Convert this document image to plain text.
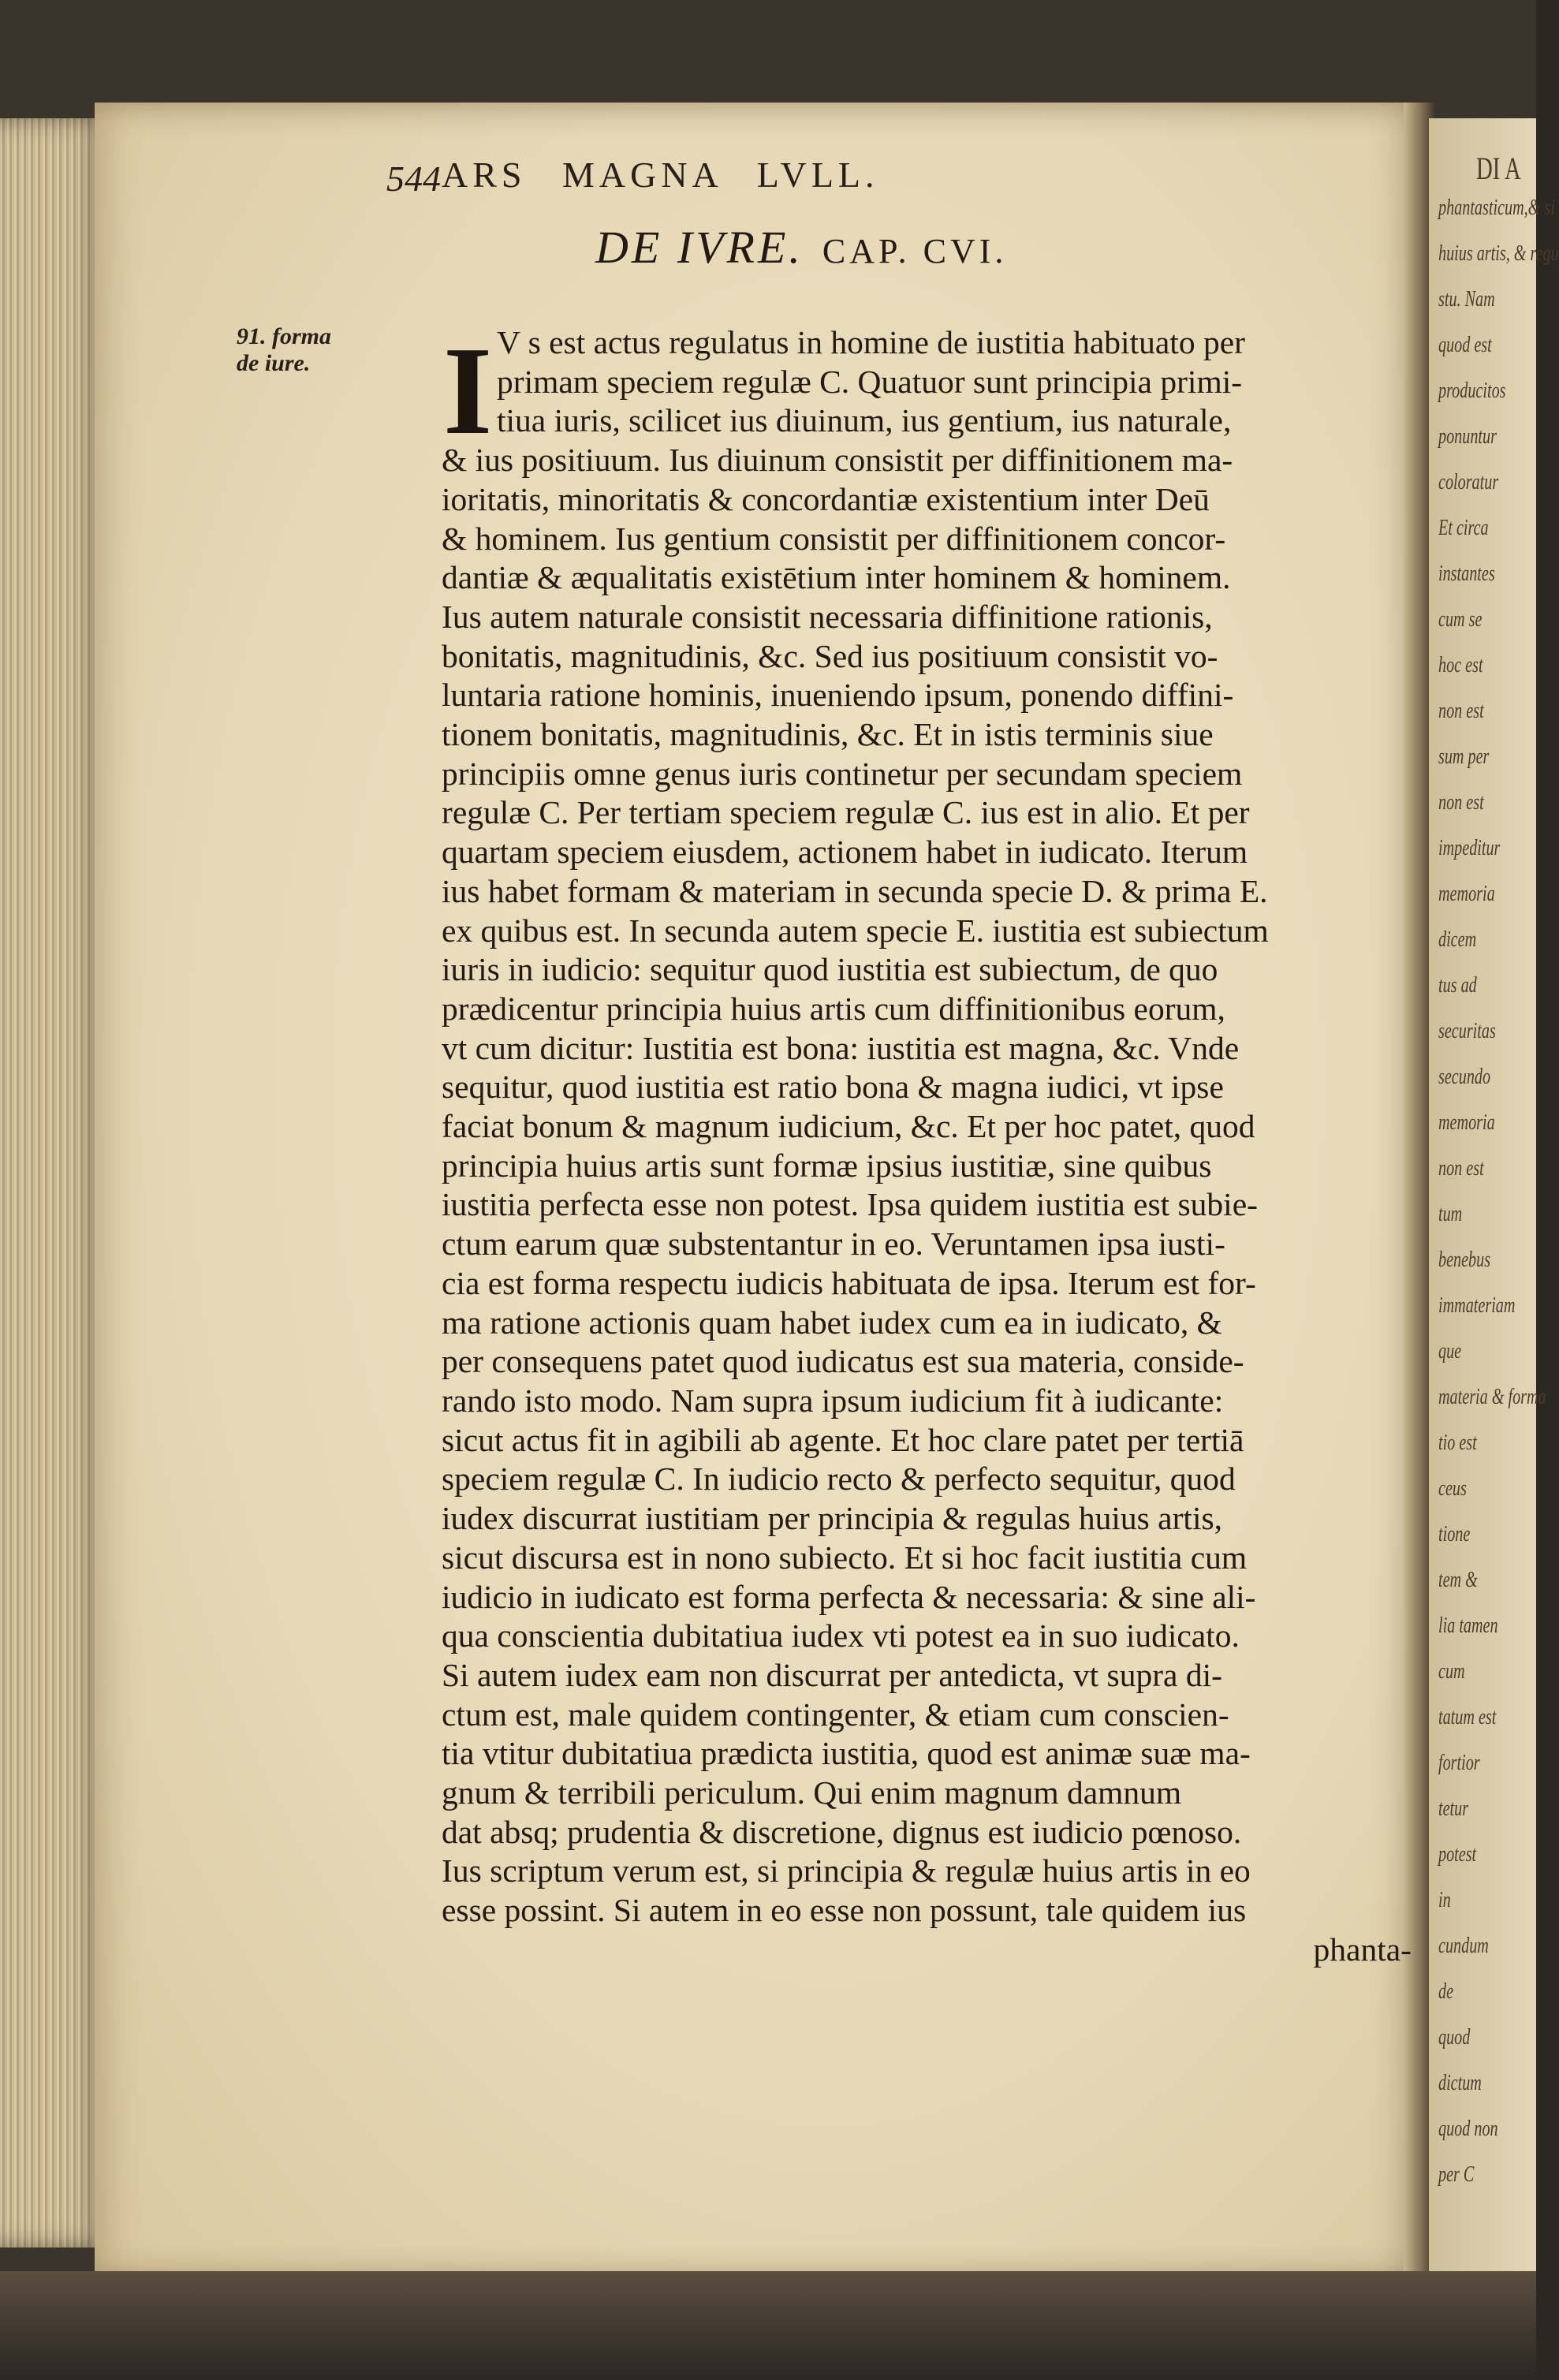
DI A
phantasticum,& si
huius artis, & regu
stu. Nam
quod est
producitos
ponuntur
coloratur
Et circa
instantes
cum se
hoc est
non est
sum per
non est
impeditur
memoria
dicem
tus ad
securitas
secundo
memoria
non est
tum
benebus
immateriam
que
materia & forma
tio est
ceus
tione
tem &
lia tamen
cum
tatum est
fortior
tetur
potest
in
cundum
de
quod
dictum
quod non
per C
544 ARS MAGNA LVLL.
DE IVRE. CAP. CVI.
91. forma de iure.	I V s est actus regulatus in homine de iustitia habituato per
primam speciem regulæ C. Quatuor sunt principia primi-
tiua iuris, scilicet ius diuinum, ius gentium, ius naturale,
& ius positiuum. Ius diuinum consistit per diffinitionem ma-
ioritatis, minoritatis & concordantiæ existentium inter Deū
& hominem. Ius gentium consistit per diffinitionem concor-
dantiæ & æqualitatis existētium inter hominem & hominem.
Ius autem naturale consistit necessaria diffinitione rationis,
bonitatis, magnitudinis, &c. Sed ius positiuum consistit vo-
luntaria ratione hominis, inueniendo ipsum, ponendo diffini-
tionem bonitatis, magnitudinis, &c. Et in istis terminis siue
principiis omne genus iuris continetur per secundam speciem
regulæ C. Per tertiam speciem regulæ C. ius est in alio. Et per
quartam speciem eiusdem, actionem habet in iudicato. Iterum
ius habet formam & materiam in secunda specie D. & prima E.
ex quibus est. In secunda autem specie E. iustitia est subiectum
iuris in iudicio: sequitur quod iustitia est subiectum, de quo
prædicentur principia huius artis cum diffinitionibus eorum,
vt cum dicitur: Iustitia est bona: iustitia est magna, &c. Vnde
sequitur, quod iustitia est ratio bona & magna iudici, vt ipse
faciat bonum & magnum iudicium, &c. Et per hoc patet, quod
principia huius artis sunt formæ ipsius iustitiæ, sine quibus
iustitia perfecta esse non potest. Ipsa quidem iustitia est subie-
ctum earum quæ substentantur in eo. Veruntamen ipsa iusti-
cia est forma respectu iudicis habituata de ipsa. Iterum est for-
ma ratione actionis quam habet iudex cum ea in iudicato, &
per consequens patet quod iudicatus est sua materia, conside-
rando isto modo. Nam supra ipsum iudicium fit à iudicante:
sicut actus fit in agibili ab agente. Et hoc clare patet per tertiā
speciem regulæ C. In iudicio recto & perfecto sequitur, quod
iudex discurrat iustitiam per principia & regulas huius artis,
sicut discursa est in nono subiecto. Et si hoc facit iustitia cum
iudicio in iudicato est forma perfecta & necessaria: & sine ali-
qua conscientia dubitatiua iudex vti potest ea in suo iudicato.
Si autem iudex eam non discurrat per antedicta, vt supra di-
ctum est, male quidem contingenter, & etiam cum conscien-
tia vtitur dubitatiua prædicta iustitia, quod est animæ suæ ma-
gnum & terribili periculum. Qui enim magnum damnum
dat absq; prudentia & discretione, dignus est iudicio pœnoso.
Ius scriptum verum est, si principia & regulæ huius artis in eo
esse possint. Si autem in eo esse non possunt, tale quidem ius
phanta-
